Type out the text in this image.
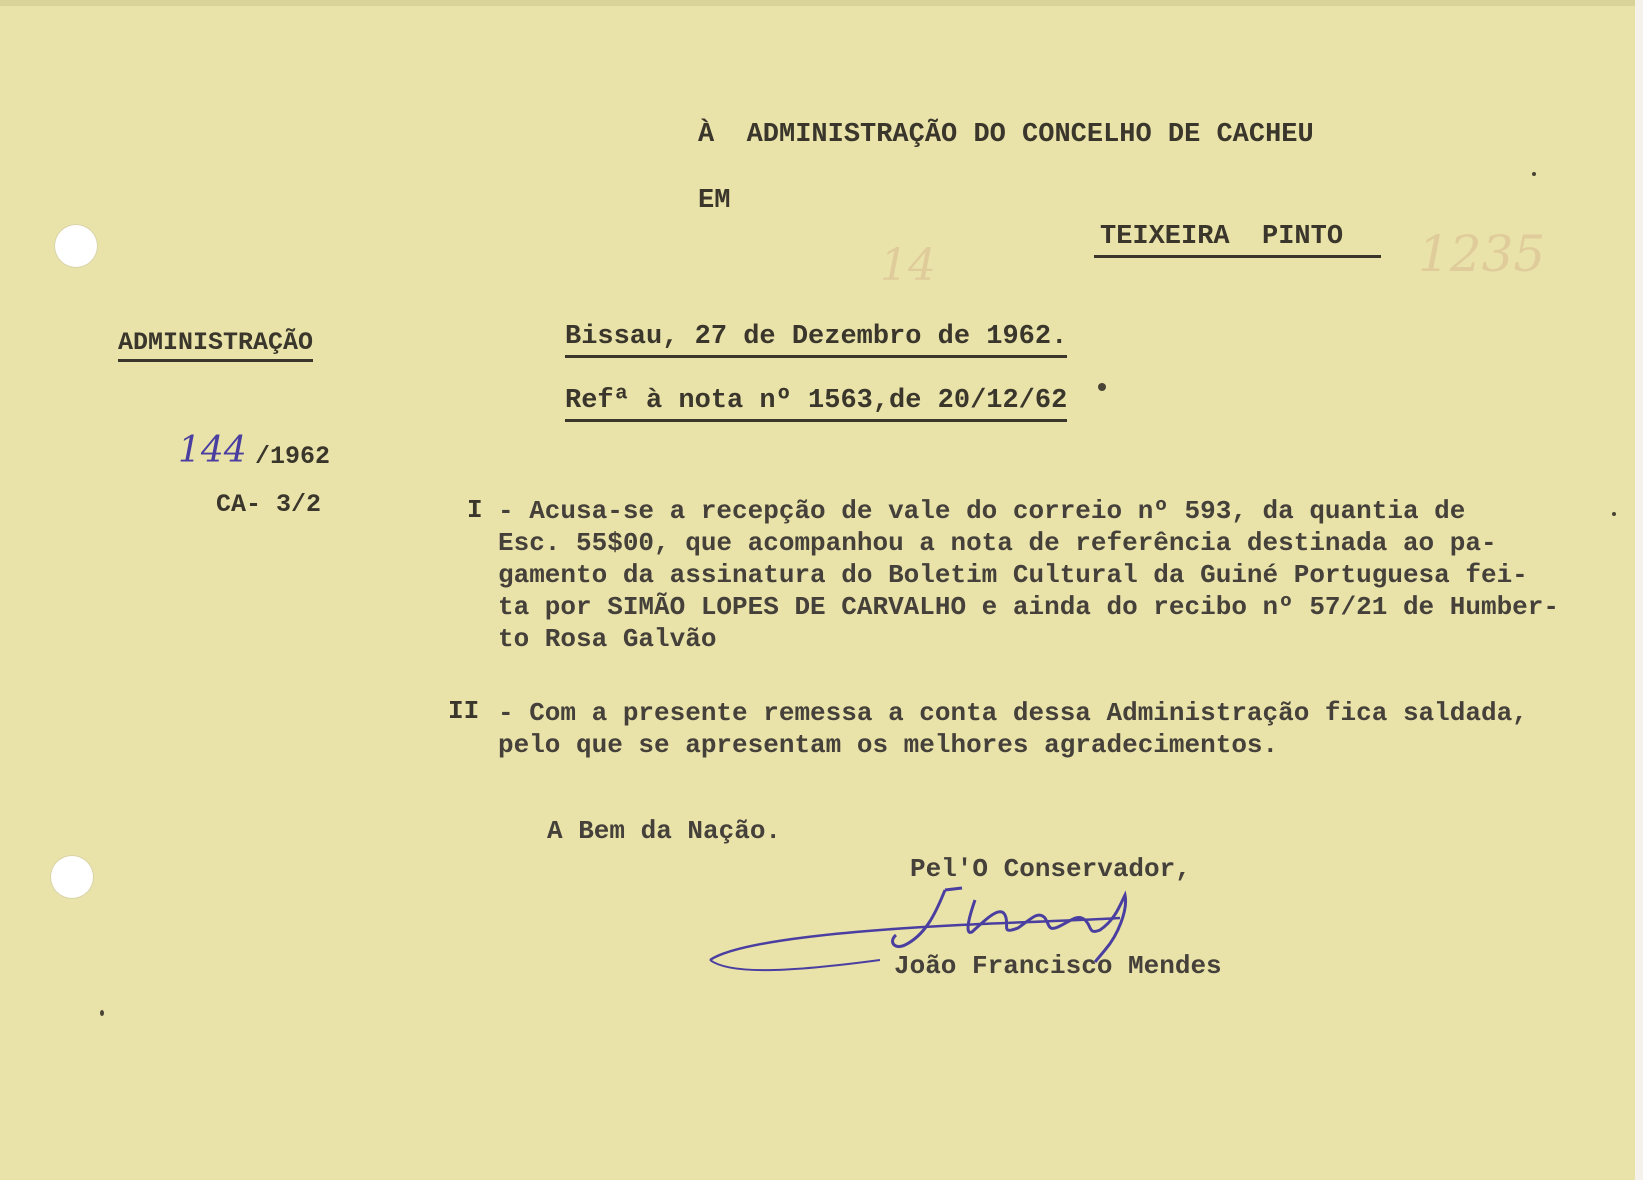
14	1235
À  ADMINISTRAÇÃO DO CONCELHO DE CACHEU
EM
TEIXEIRA  PINTO
ADMINISTRAÇÃO
144 /1962
CA- 3/2
Bissau, 27 de Dezembro de 1962.
Refª à nota nº 1563,de 20/12/62
I - Acusa-se a recepção de vale do correio nº 593, da quantia de
Esc. 55$00, que acompanhou a nota de referência destinada ao pa-
gamento da assinatura do Boletim Cultural da Guiné Portuguesa fei-
ta por SIMÃO LOPES DE CARVALHO e ainda do recibo nº 57/21 de Humber-
to Rosa Galvão
II - Com a presente remessa a conta dessa Administração fica saldada,
pelo que se apresentam os melhores agradecimentos.
A Bem da Nação.
Pel'O Conservador,
João Francisco Mendes
